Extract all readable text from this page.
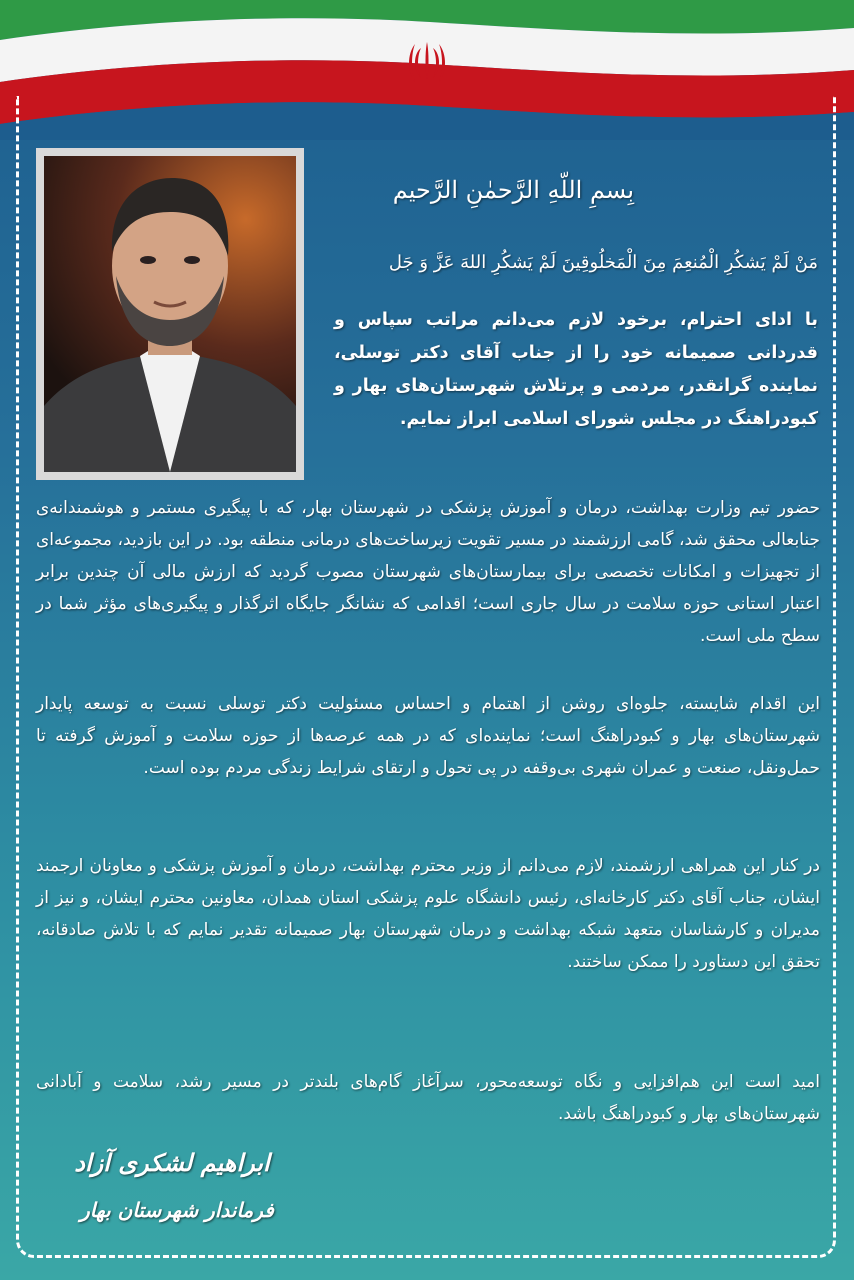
بِسمِ اللّهِ الرَّحمٰنِ الرَّحیم
مَنْ لَمْ يَشكُرِ الْمُنعِمَ مِنَ الْمَخلُوقِينَ لَمْ يَشكُرِ اللهَ عَزَّ وَ جَل
با ادای احترام، برخود لازم می‌دانم مراتب سپاس و قدردانی صمیمانه خود را از جناب آقای دکتر توسلی، نماینده گرانقدر، مردمی و پرتلاش شهرستان‌های بهار و کبودراهنگ در مجلس شورای اسلامی ابراز نمایم.
حضور تیم وزارت بهداشت، درمان و آموزش پزشکی در شهرستان بهار، که با پیگیری مستمر و هوشمندانه‌ی جنابعالی محقق شد، گامی ارزشمند در مسیر تقویت زیرساخت‌های درمانی منطقه بود. در این بازدید، مجموعه‌ای از تجهیزات و امکانات تخصصی برای بیمارستان‌های شهرستان مصوب گردید که ارزش مالی آن چندین برابر اعتبار استانی حوزه سلامت در سال جاری است؛ اقدامی که نشانگر جایگاه اثرگذار و پیگیری‌های مؤثر شما در سطح ملی است.
این اقدام شایسته، جلوه‌ای روشن از اهتمام و احساس مسئولیت دکتر توسلی نسبت به توسعه پایدار شهرستان‌های بهار و کبودراهنگ است؛ نماینده‌ای که در همه عرصه‌ها از حوزه سلامت و آموزش گرفته تا حمل‌ونقل، صنعت و عمران شهری بی‌وقفه در پی تحول و ارتقای شرایط زندگی مردم بوده است.
در کنار این همراهی ارزشمند، لازم می‌دانم از وزیر محترم بهداشت، درمان و آموزش پزشکی و معاونان ارجمند ایشان، جناب آقای دکتر کارخانه‌ای، رئیس دانشگاه علوم پزشکی استان همدان، معاونین محترم ایشان، و نیز از مدیران و کارشناسان متعهد شبکه بهداشت و درمان شهرستان بهار صمیمانه تقدیر نمایم که با تلاش صادقانه، تحقق این دستاورد را ممکن ساختند.
امید است این هم‌افزایی و نگاه توسعه‌محور، سرآغاز گام‌های بلندتر در مسیر رشد، سلامت و آبادانی شهرستان‌های بهار و کبودراهنگ باشد.
ابراهیم لشکری آزاد
فرماندار شهرستان بهار
